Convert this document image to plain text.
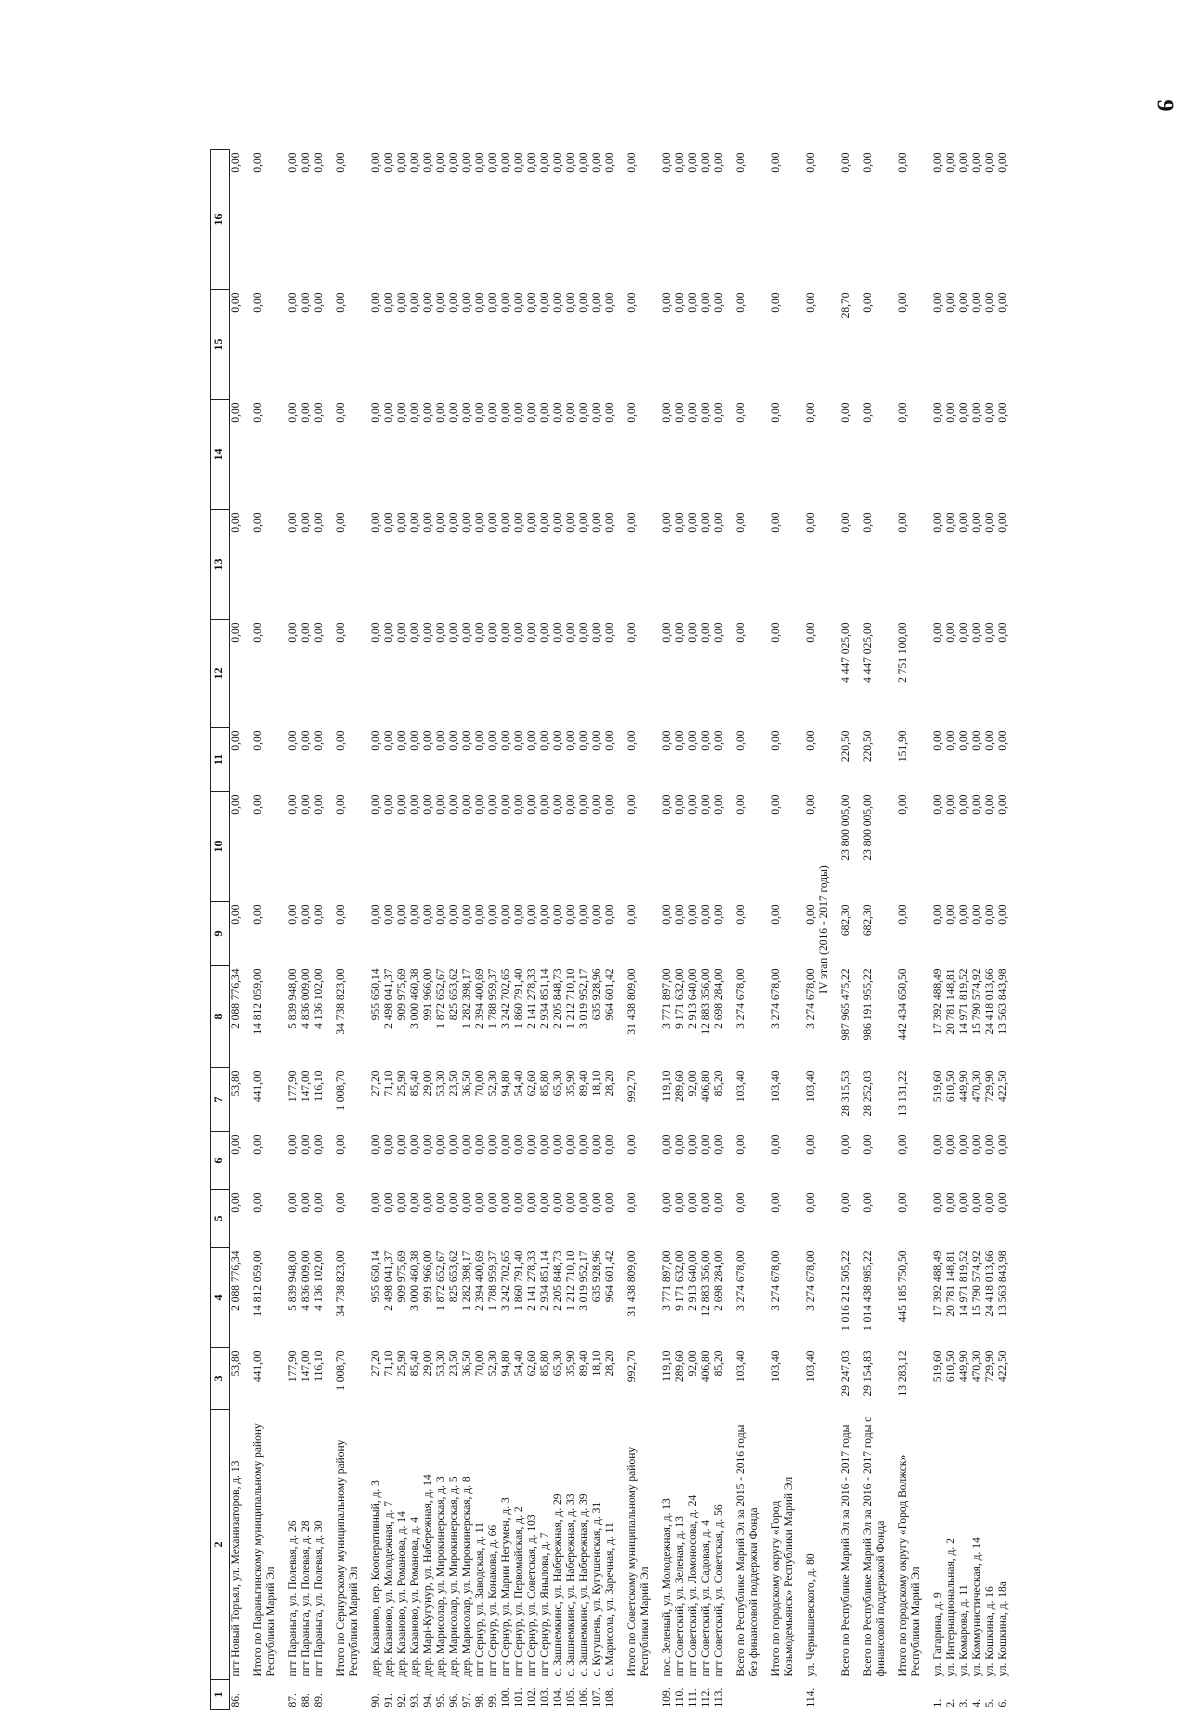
9
1	2	3	4	5	6	7	8	9	10	11	12	13	14	15	16
86.	пгт Новый Торъял, ул. Механизаторов, д. 13	53,80	2 088 776,34	0,00	0,00	53,80	2 088 776,34	0,00	0,00	0,00	0,00	0,00	0,00	0,00	0,00

	Итого по Параньгинскому муниципальному району Республики Марий Эл	441,00	14 812 059,00	0,00	0,00	441,00	14 812 059,00	0,00	0,00	0,00	0,00	0,00	0,00	0,00	0,00

87.	пгт Параньга, ул. Полевая, д. 26	177,90	5 839 948,00	0,00	0,00	177,90	5 839 948,00	0,00	0,00	0,00	0,00	0,00	0,00	0,00	0,00
88.	пгт Параньга, ул. Полевая, д. 28	147,00	4 836 009,00	0,00	0,00	147,00	4 836 009,00	0,00	0,00	0,00	0,00	0,00	0,00	0,00	0,00
89.	пгт Параньга, ул. Полевая, д. 30	116,10	4 136 102,00	0,00	0,00	116,10	4 136 102,00	0,00	0,00	0,00	0,00	0,00	0,00	0,00	0,00

	Итого по Сернурскому муниципальному району Республики Марий Эл	1 008,70	34 738 823,00	0,00	0,00	1 008,70	34 738 823,00	0,00	0,00	0,00	0,00	0,00	0,00	0,00	0,00

90.	дер. Казаново, пер. Кооперативный, д. 3	27,20	955 650,14	0,00	0,00	27,20	955 650,14	0,00	0,00	0,00	0,00	0,00	0,00	0,00	0,00
91.	дер. Казаново, ул. Молодежная, д. 7	71,10	2 498 041,37	0,00	0,00	71,10	2 498 041,37	0,00	0,00	0,00	0,00	0,00	0,00	0,00	0,00
92.	дер. Казаново, ул. Романова, д. 14	25,90	909 975,69	0,00	0,00	25,90	909 975,69	0,00	0,00	0,00	0,00	0,00	0,00	0,00	0,00
93.	дер. Казаново, ул. Романова, д. 4	85,40	3 000 460,38	0,00	0,00	85,40	3 000 460,38	0,00	0,00	0,00	0,00	0,00	0,00	0,00	0,00
94.	дер. Марі-Кугунур, ул. Набережная, д. 14	29,00	991 966,00	0,00	0,00	29,00	991 966,00	0,00	0,00	0,00	0,00	0,00	0,00	0,00	0,00
95.	дер. Марисолар, ул. Мирокинерская, д. 3	53,30	1 872 652,67	0,00	0,00	53,30	1 872 652,67	0,00	0,00	0,00	0,00	0,00	0,00	0,00	0,00
96.	дер. Марисолар, ул. Мирокинерская, д. 5	23,50	825 653,62	0,00	0,00	23,50	825 653,62	0,00	0,00	0,00	0,00	0,00	0,00	0,00	0,00
97.	дер. Марисолар, ул. Мирокинерская, д. 8	36,50	1 282 398,17	0,00	0,00	36,50	1 282 398,17	0,00	0,00	0,00	0,00	0,00	0,00	0,00	0,00
98.	пгт Сернур, ул. Заводская, д. 11	70,00	2 394 400,69	0,00	0,00	70,00	2 394 400,69	0,00	0,00	0,00	0,00	0,00	0,00	0,00	0,00
99.	пгт Сернур, ул. Конакова, д. 66	52,30	1 788 959,37	0,00	0,00	52,30	1 788 959,37	0,00	0,00	0,00	0,00	0,00	0,00	0,00	0,00
100.	пгт Сернур, ул. Марии Негумен, д. 3	94,80	3 242 702,65	0,00	0,00	94,80	3 242 702,65	0,00	0,00	0,00	0,00	0,00	0,00	0,00	0,00
101.	пгт Сернур, ул. Первомайская, д. 2	54,40	1 860 791,40	0,00	0,00	54,40	1 860 791,40	0,00	0,00	0,00	0,00	0,00	0,00	0,00	0,00
102.	пгт Сернур, ул. Советская, д. 103	62,60	2 141 278,33	0,00	0,00	62,60	2 141 278,33	0,00	0,00	0,00	0,00	0,00	0,00	0,00	0,00
103.	пгт Сернур, ул. Янылова, д. 7	85,80	2 934 851,14	0,00	0,00	85,80	2 934 851,14	0,00	0,00	0,00	0,00	0,00	0,00	0,00	0,00
104.	с. Зашнемкинс, ул. Набережная, д. 29	65,30	2 205 848,73	0,00	0,00	65,30	2 205 848,73	0,00	0,00	0,00	0,00	0,00	0,00	0,00	0,00
105.	с. Зашнемкинс, ул. Набережная, д. 33	35,90	1 212 710,10	0,00	0,00	35,90	1 212 710,10	0,00	0,00	0,00	0,00	0,00	0,00	0,00	0,00
106.	с. Зашнемкинс, ул. Набережная, д. 39	89,40	3 019 952,17	0,00	0,00	89,40	3 019 952,17	0,00	0,00	0,00	0,00	0,00	0,00	0,00	0,00
107.	с. Кугушень, ул. Кугушенская, д. 31	18,10	635 928,96	0,00	0,00	18,10	635 928,96	0,00	0,00	0,00	0,00	0,00	0,00	0,00	0,00
108.	с. Марисола, ул. Заречная, д. 11	28,20	964 601,42	0,00	0,00	28,20	964 601,42	0,00	0,00	0,00	0,00	0,00	0,00	0,00	0,00

	Итого по Советскому муниципальному району Республики Марий Эл	992,70	31 438 809,00	0,00	0,00	992,70	31 438 809,00	0,00	0,00	0,00	0,00	0,00	0,00	0,00	0,00

109.	пос. Зеленый, ул. Молодежная, д. 13	119,10	3 771 897,00	0,00	0,00	119,10	3 771 897,00	0,00	0,00	0,00	0,00	0,00	0,00	0,00	0,00
110.	пгт Советский, ул. Зеленая, д. 13	289,60	9 171 632,00	0,00	0,00	289,60	9 171 632,00	0,00	0,00	0,00	0,00	0,00	0,00	0,00	0,00
111.	пгт Советский, ул. Ломоносова, д. 24	92,00	2 913 640,00	0,00	0,00	92,00	2 913 640,00	0,00	0,00	0,00	0,00	0,00	0,00	0,00	0,00
112.	пгт Советский, ул. Садовая, д. 4	406,80	12 883 356,00	0,00	0,00	406,80	12 883 356,00	0,00	0,00	0,00	0,00	0,00	0,00	0,00	0,00
113.	пгт Советский, ул. Советская, д. 56	85,20	2 698 284,00	0,00	0,00	85,20	2 698 284,00	0,00	0,00	0,00	0,00	0,00	0,00	0,00	0,00

	Всего по Республике Марий Эл за 2015 - 2016 годы без финансовой поддержки Фонда	103,40	3 274 678,00	0,00	0,00	103,40	3 274 678,00	0,00	0,00	0,00	0,00	0,00	0,00	0,00	0,00

	Итого по городскому округу «Город Козьмодемьянск» Республики Марий Эл	103,40	3 274 678,00	0,00	0,00	103,40	3 274 678,00	0,00	0,00	0,00	0,00	0,00	0,00	0,00	0,00

114.	ул. Чернышевского, д. 80	103,40	3 274 678,00	0,00	0,00	103,40	3 274 678,00	0,00	0,00	0,00	0,00	0,00	0,00	0,00	0,00
IV этап (2016 - 2017 годы)															

	Всего по Республике Марий Эл за 2016 - 2017 годы	29 247,03	1 016 212 505,22	0,00	0,00	28 315,53	987 965 475,22	682,30	23 800 005,00	220,50	4 447 025,00	0,00	0,00	28,70	0,00

	Всего по Республике Марий Эл за 2016 - 2017 годы с финансовой поддержкой Фонда	29 154,83	1 014 438 985,22	0,00	0,00	28 252,03	986 191 955,22	682,30	23 800 005,00	220,50	4 447 025,00	0,00	0,00	0,00	0,00

	Итого по городскому округу «Город Волжск» Республики Марий Эл	13 283,12	445 185 750,50	0,00	0,00	13 131,22	442 434 650,50	0,00	0,00	151,90	2 751 100,00	0,00	0,00	0,00	0,00

1.	ул. Гагарина, д. 9	519,60	17 392 488,49	0,00	0,00	519,60	17 392 488,49	0,00	0,00	0,00	0,00	0,00	0,00	0,00	0,00
2.	ул. Интернациональная, д. 2	610,50	20 781 148,81	0,00	0,00	610,50	20 781 148,81	0,00	0,00	0,00	0,00	0,00	0,00	0,00	0,00
3.	ул. Комарова, д. 11	449,90	14 971 819,52	0,00	0,00	449,90	14 971 819,52	0,00	0,00	0,00	0,00	0,00	0,00	0,00	0,00
4.	ул. Коммунистическая, д. 14	470,30	15 790 574,92	0,00	0,00	470,30	15 790 574,92	0,00	0,00	0,00	0,00	0,00	0,00	0,00	0,00
5.	ул. Кошкина, д. 16	729,90	24 418 013,66	0,00	0,00	729,90	24 418 013,66	0,00	0,00	0,00	0,00	0,00	0,00	0,00	0,00
6.	ул. Кошкина, д. 18а	422,50	13 563 843,98	0,00	0,00	422,50	13 563 843,98	0,00	0,00	0,00	0,00	0,00	0,00	0,00	0,00
